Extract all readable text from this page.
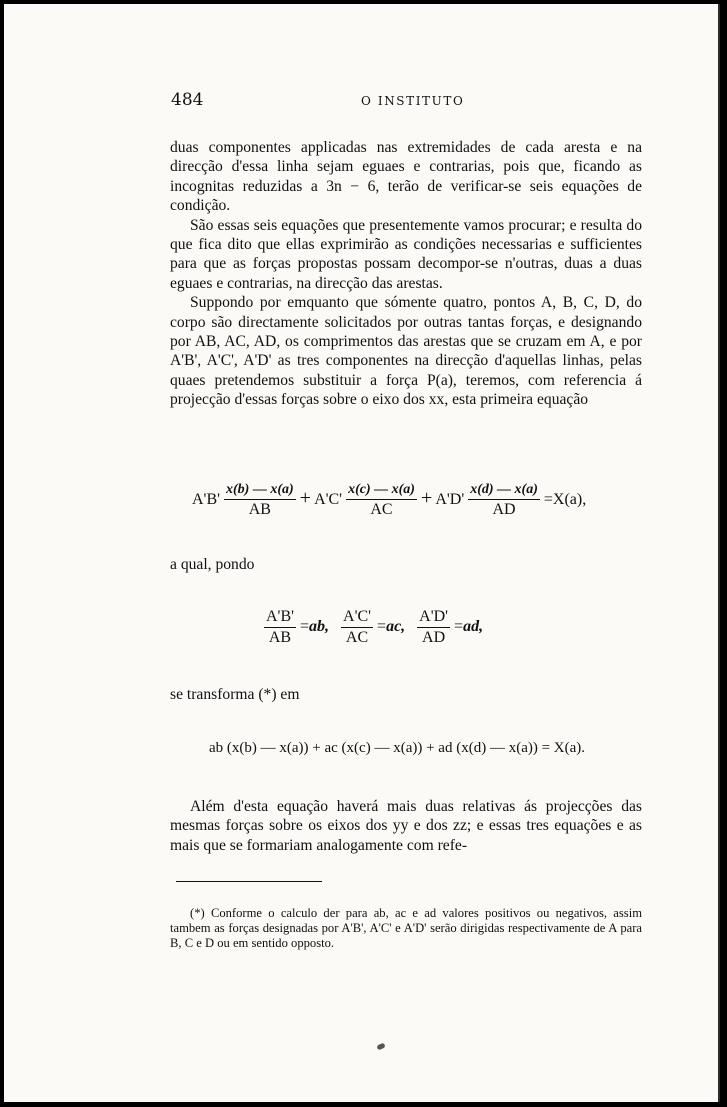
484	O INSTITUTO

duas componentes applicadas nas extremidades de cada aresta e na direcção d'essa linha sejam eguaes e contrarias, pois que, ficando as incognitas reduzidas a 3n − 6, terão de verificar-se seis equações de condição.

São essas seis equações que presentemente vamos procurar; e resulta do que fica dito que ellas exprimirão as condições necessarias e sufficientes para que as forças propostas possam decompor-se n'outras, duas a duas eguaes e contrarias, na direcção das arestas.

Suppondo por emquanto que sómente quatro, pontos A, B, C, D, do corpo são directamente solicitados por outras tantas forças, e designando por AB, AC, AD, os comprimentos das arestas que se cruzam em A, e por A'B', A'C', A'D' as tres componentes na direcção d'aquellas linhas, pelas quaes pretendemos substituir a força P(a), teremos, com referencia á projecção d'essas forças sobre o eixo dos xx, esta primeira equação

$A'B' \frac{x(b) — x(a)}{AB} + A'C' \frac{x(c) — x(a)}{AC} + A'D' \frac{x(d) — x(a)}{AD} =X(a)$,
a qual, pondo
$\frac{A'B'}{AB} =ab$, $\frac{A'C'}{AC} =ac$, $\frac{A'D'}{AD} =ad$,
se transforma (*) em
ab (x(b) — x(a)) + ac (x(c) — x(a)) + ad (x(d) — x(a)) = X(a).

Além d'esta equação haverá mais duas relativas ás projecções das mesmas forças sobre os eixos dos yy e dos zz; e essas tres equações e as mais que se formariam analogamente com refe-

(*) Conforme o calculo der para ab, ac e ad valores positivos ou negativos, assim tambem as forças designadas por A'B', A'C' e A'D' serão dirigidas respectivamente de A para B, C e D ou em sentido opposto.
